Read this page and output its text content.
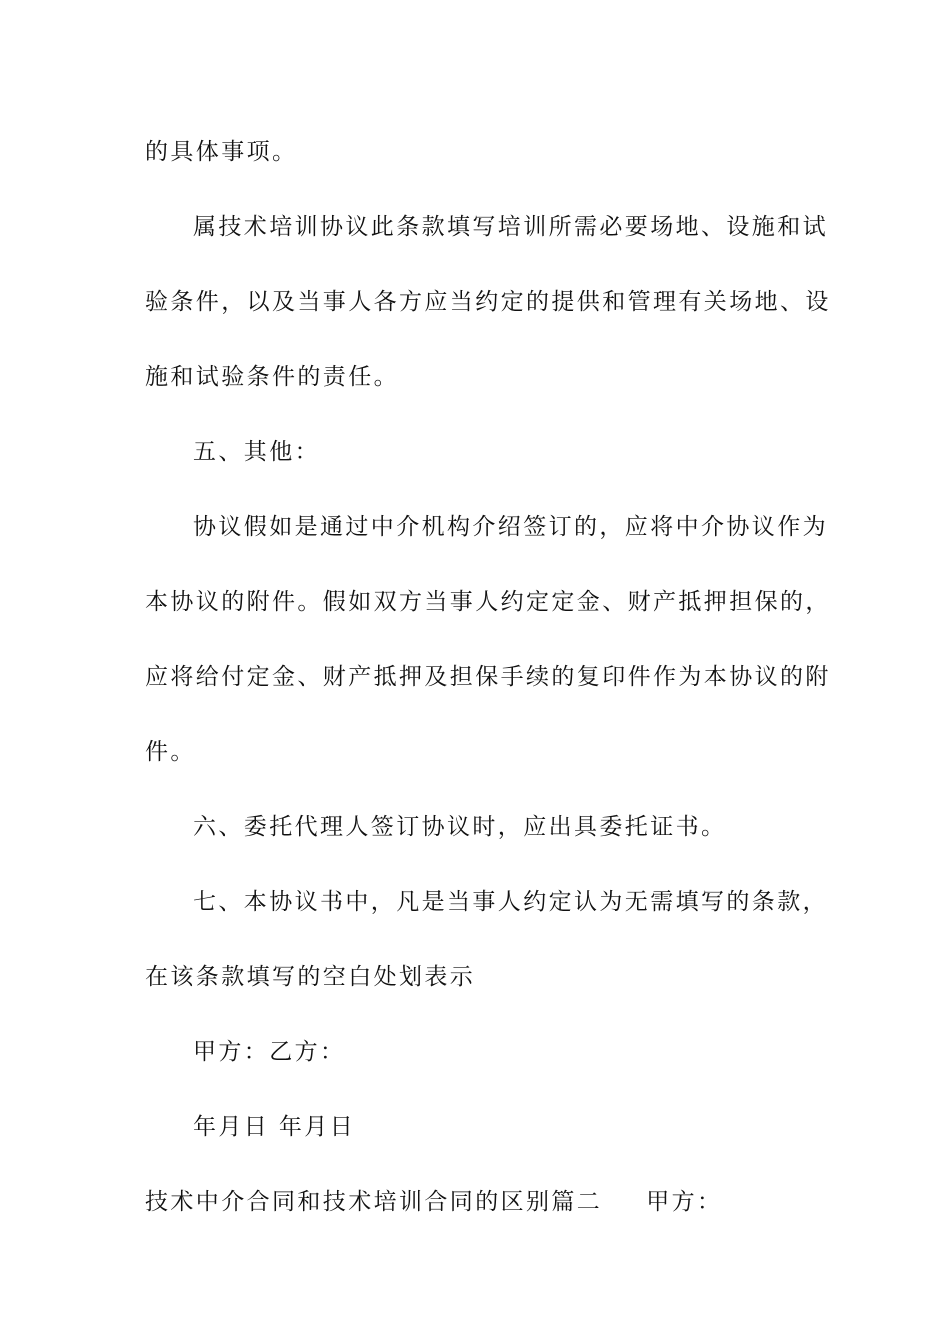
的具体事项。
属技术培训协议此条款填写培训所需必要场地、设施和试
验条件，以及当事人各方应当约定的提供和管理有关场地、设
施和试验条件的责任。
五、其他：
协议假如是通过中介机构介绍签订的，应将中介协议作为
本协议的附件。假如双方当事人约定定金、财产抵押担保的，
应将给付定金、财产抵押及担保手续的复印件作为本协议的附
件。
六、委托代理人签订协议时，应出具委托证书。
七、本协议书中，凡是当事人约定认为无需填写的条款，
在该条款填写的空白处划表示
甲方：乙方：
年月日 年月日
技术中介合同和技术培训合同的区别篇二 甲方：
